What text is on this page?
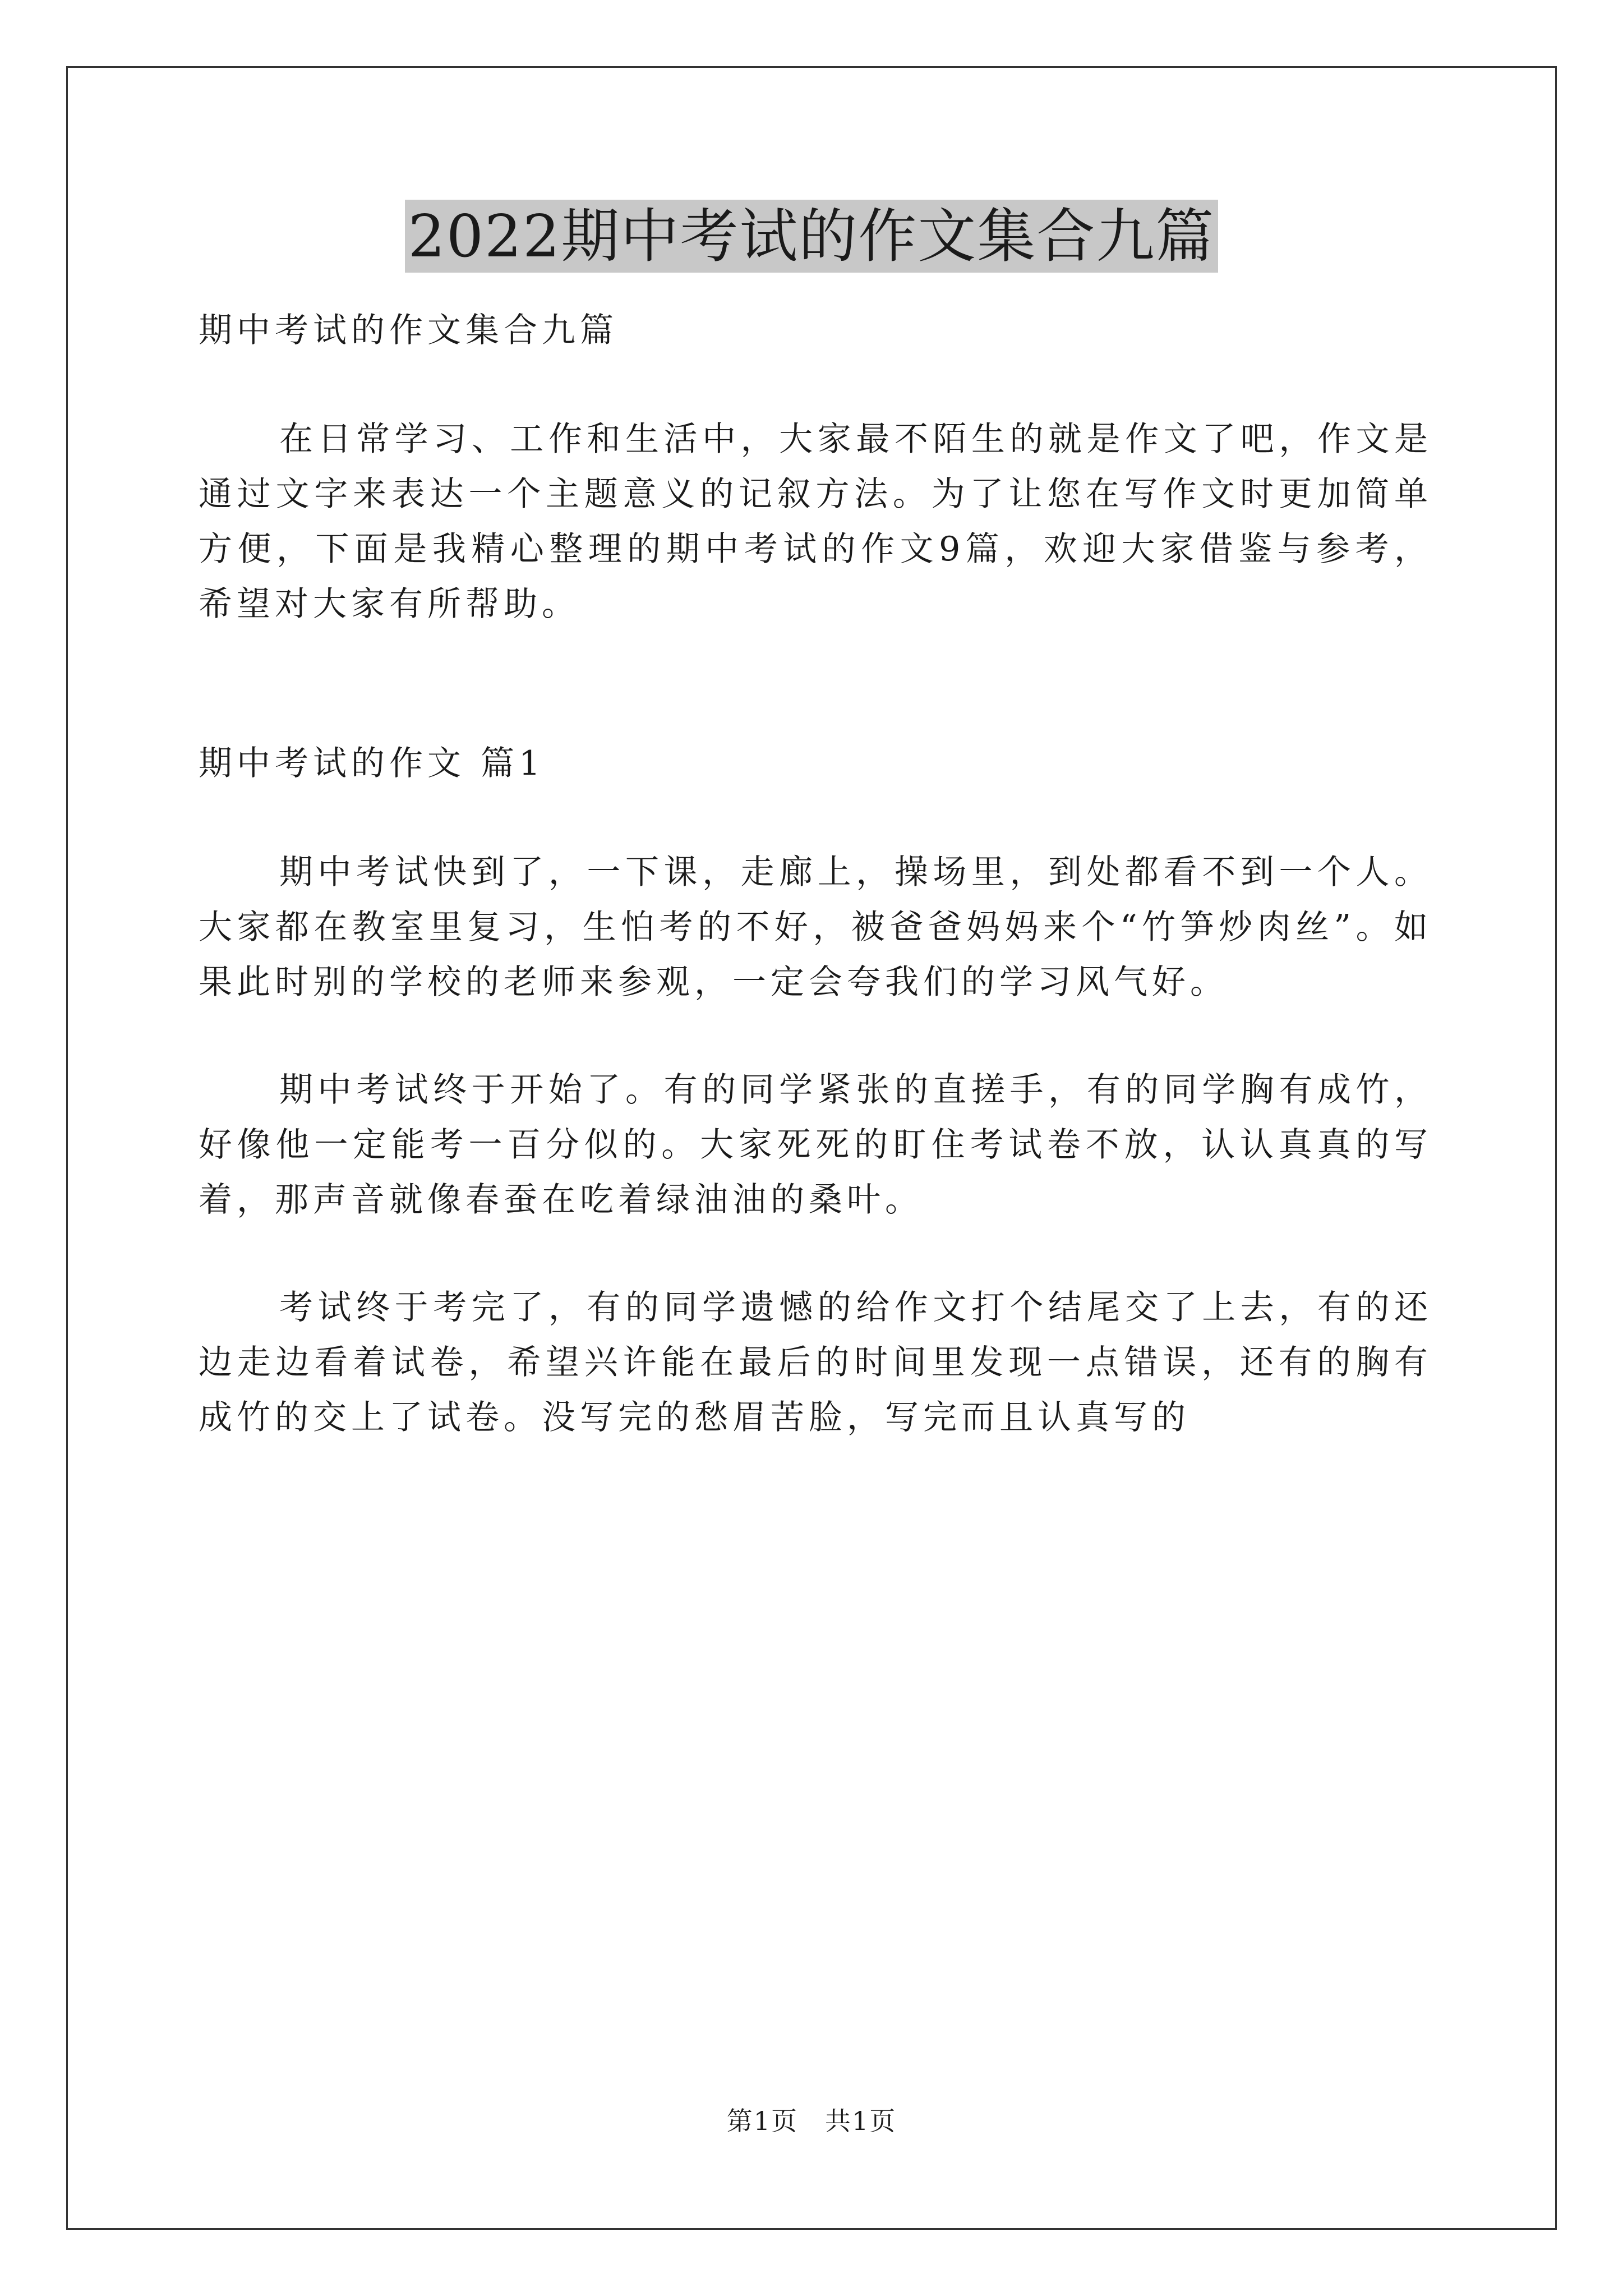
2022期中考试的作文集合九篇

期中考试的作文集合九篇

在日常学习、工作和生活中，大家最不陌生的就是作文了吧，作文是通过文字来表达一个主题意义的记叙方法。为了让您在写作文时更加简单方便，下面是我精心整理的期中考试的作文9篇，欢迎大家借鉴与参考，希望对大家有所帮助。

期中考试的作文 篇1

期中考试快到了，一下课，走廊上，操场里，到处都看不到一个人。大家都在教室里复习，生怕考的不好，被爸爸妈妈来个“竹笋炒肉丝”。如果此时别的学校的老师来参观，一定会夸我们的学习风气好。

期中考试终于开始了。有的同学紧张的直搓手，有的同学胸有成竹，好像他一定能考一百分似的。大家死死的盯住考试卷不放，认认真真的写着，那声音就像春蚕在吃着绿油油的桑叶。

考试终于考完了，有的同学遗憾的给作文打个结尾交了上去，有的还边走边看着试卷，希望兴许能在最后的时间里发现一点错误，还有的胸有成竹的交上了试卷。没写完的愁眉苦脸，写完而且认真写的

第1页 共1页
